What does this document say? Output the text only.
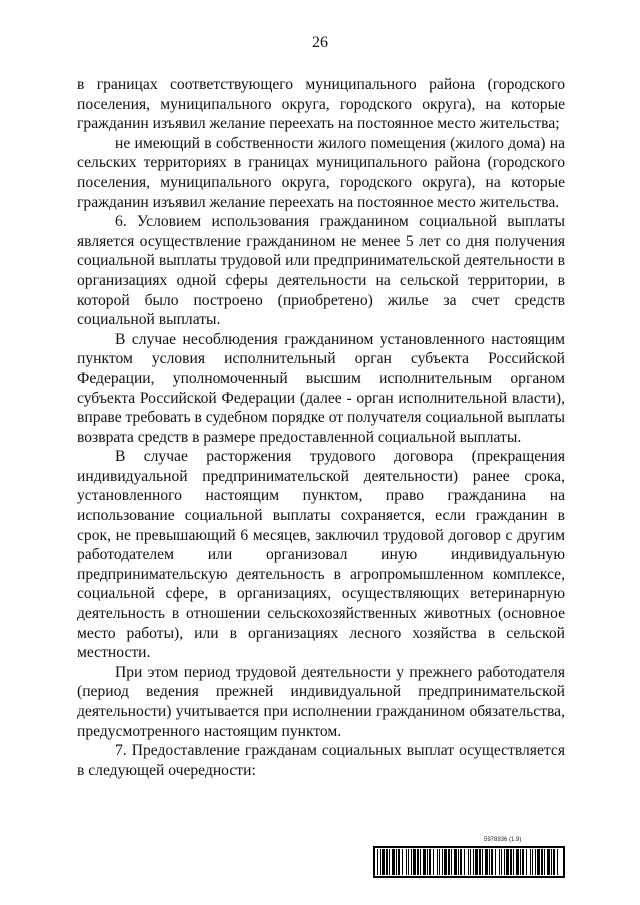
26

в границах соответствующего муниципального района (городского поселения, муниципального округа, городского округа), на которые гражданин изъявил желание переехать на постоянное место жительства;

не имеющий в собственности жилого помещения (жилого дома) на сельских территориях в границах муниципального района (городского поселения, муниципального округа, городского округа), на которые гражданин изъявил желание переехать на постоянное место жительства.

6. Условием использования гражданином социальной выплаты является осуществление гражданином не менее 5 лет со дня получения социальной выплаты трудовой или предпринимательской деятельности в организациях одной сферы деятельности на сельской территории, в которой было построено (приобретено) жилье за счет средств социальной выплаты.

В случае несоблюдения гражданином установленного настоящим пунктом условия исполнительный орган субъекта Российской Федерации, уполномоченный высшим исполнительным органом субъекта Российской Федерации (далее - орган исполнительной власти), вправе требовать в судебном порядке от получателя социальной выплаты возврата средств в размере предоставленной социальной выплаты.

В случае расторжения трудового договора (прекращения индивидуальной предпринимательской деятельности) ранее срока, установленного настоящим пунктом, право гражданина на использование социальной выплаты сохраняется, если гражданин в срок, не превышающий 6 месяцев, заключил трудовой договор с другим работодателем или организовал иную индивидуальную предпринимательскую деятельность в агропромышленном комплексе, социальной сфере, в организациях, осуществляющих ветеринарную деятельность в отношении сельскохозяйственных животных (основное место работы), или в организациях лесного хозяйства в сельской местности.

При этом период трудовой деятельности у прежнего работодателя (период ведения прежней индивидуальной предпринимательской деятельности) учитывается при исполнении гражданином обязательства, предусмотренного настоящим пунктом.

7. Предоставление гражданам социальных выплат осуществляется в следующей очередности:

5978936 (1.9)
